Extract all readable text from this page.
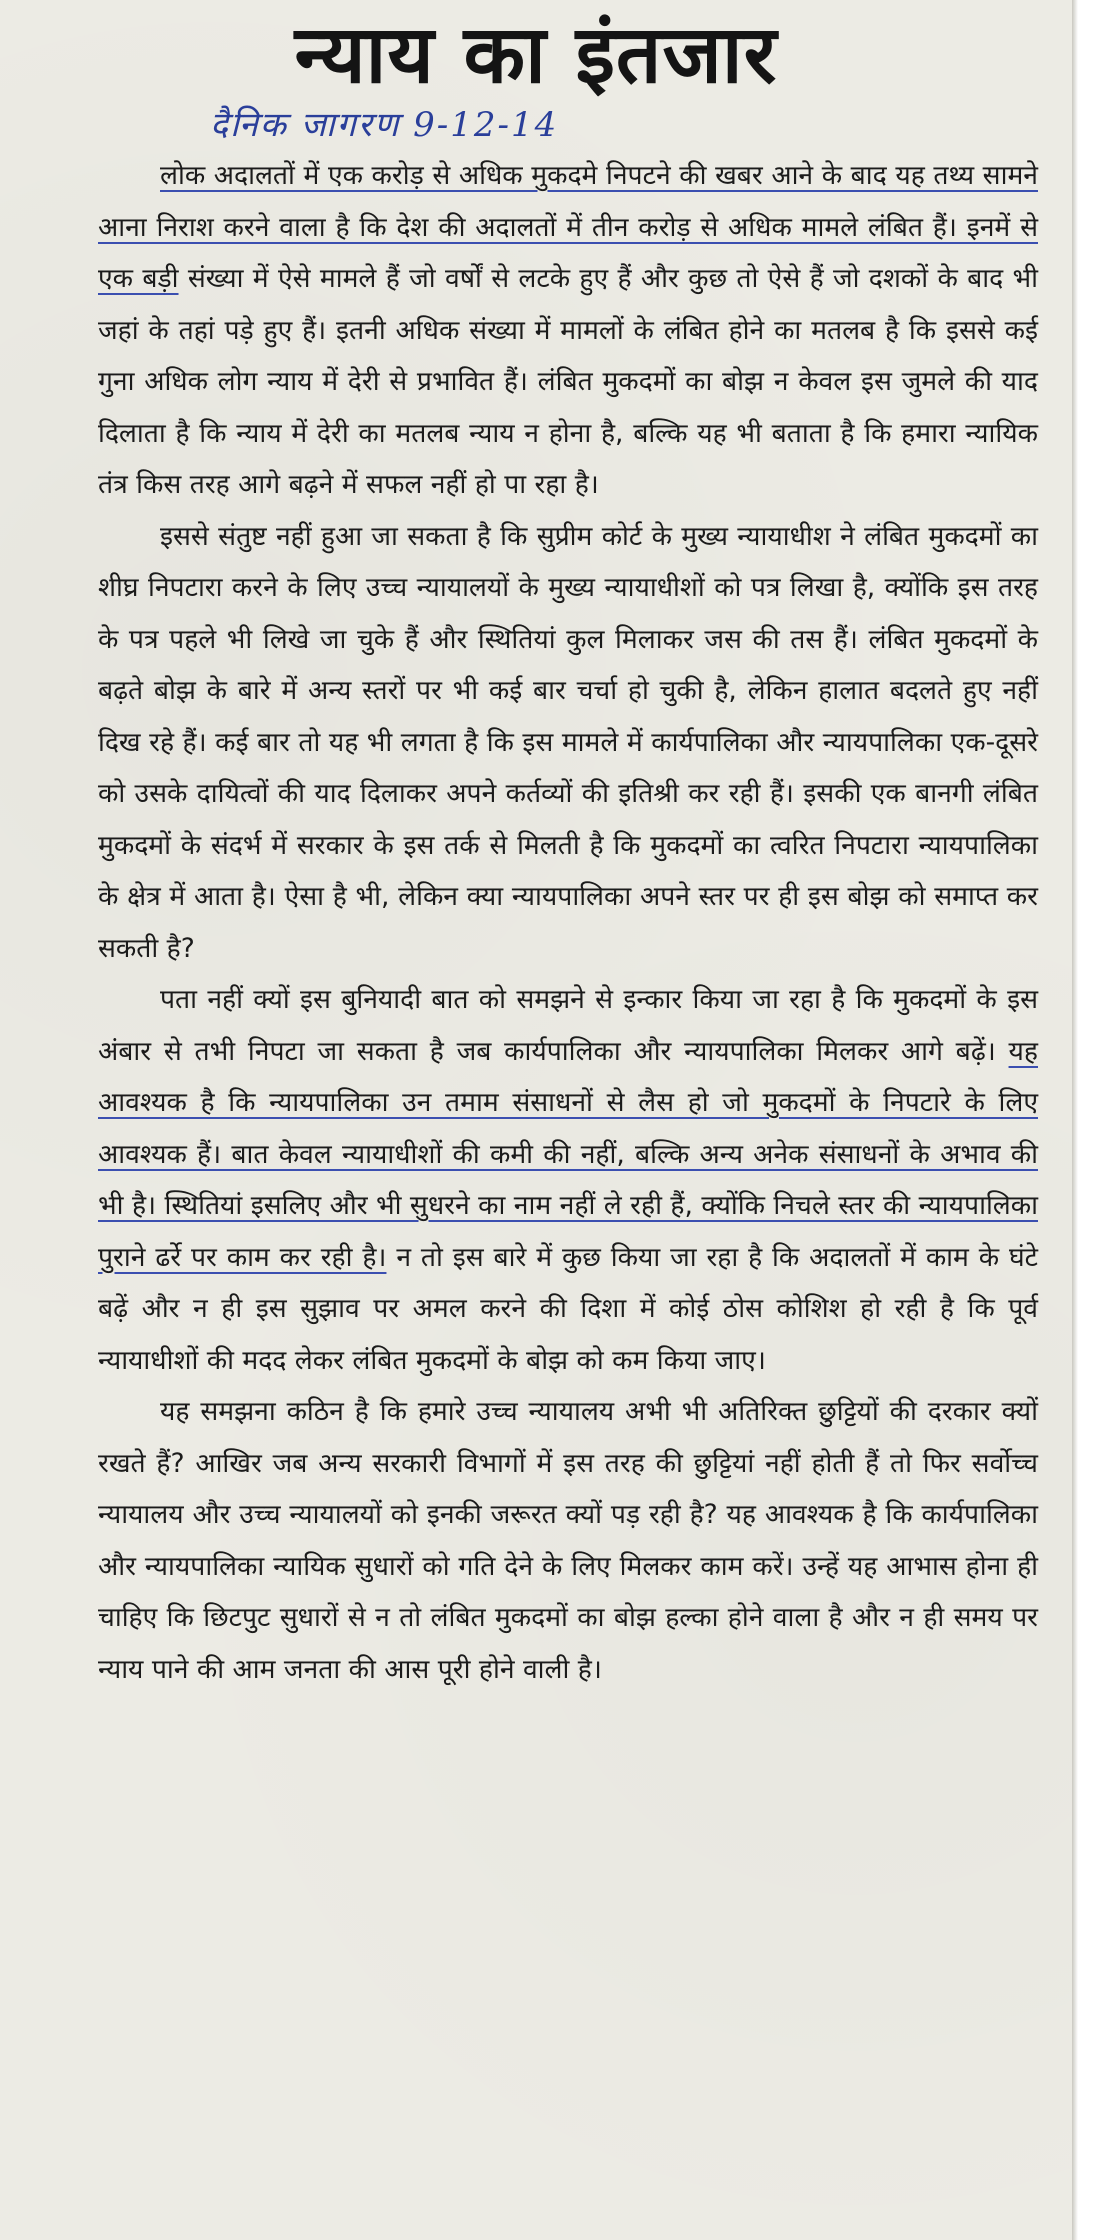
न्याय का इंतजार
दैनिक जागरण 9-12-14

लोक अदालतों में एक करोड़ से अधिक मुकदमे निपटने की खबर आने के बाद यह तथ्य सामने आना निराश करने वाला है कि देश की अदालतों में तीन करोड़ से अधिक मामले लंबित हैं। इनमें से एक बड़ी संख्या में ऐसे मामले हैं जो वर्षों से लटके हुए हैं और कुछ तो ऐसे हैं जो दशकों के बाद भी जहां के तहां पड़े हुए हैं। इतनी अधिक संख्या में मामलों के लंबित होने का मतलब है कि इससे कई गुना अधिक लोग न्याय में देरी से प्रभावित हैं। लंबित मुकदमों का बोझ न केवल इस जुमले की याद दिलाता है कि न्याय में देरी का मतलब न्याय न होना है, बल्कि यह भी बताता है कि हमारा न्यायिक तंत्र किस तरह आगे बढ़ने में सफल नहीं हो पा रहा है।

इससे संतुष्ट नहीं हुआ जा सकता है कि सुप्रीम कोर्ट के मुख्य न्यायाधीश ने लंबित मुकदमों का शीघ्र निपटारा करने के लिए उच्च न्यायालयों के मुख्य न्यायाधीशों को पत्र लिखा है, क्योंकि इस तरह के पत्र पहले भी लिखे जा चुके हैं और स्थितियां कुल मिलाकर जस की तस हैं। लंबित मुकदमों के बढ़ते बोझ के बारे में अन्य स्तरों पर भी कई बार चर्चा हो चुकी है, लेकिन हालात बदलते हुए नहीं दिख रहे हैं। कई बार तो यह भी लगता है कि इस मामले में कार्यपालिका और न्यायपालिका एक-दूसरे को उसके दायित्वों की याद दिलाकर अपने कर्तव्यों की इतिश्री कर रही हैं। इसकी एक बानगी लंबित मुकदमों के संदर्भ में सरकार के इस तर्क से मिलती है कि मुकदमों का त्वरित निपटारा न्यायपालिका के क्षेत्र में आता है। ऐसा है भी, लेकिन क्या न्यायपालिका अपने स्तर पर ही इस बोझ को समाप्त कर सकती है?

पता नहीं क्यों इस बुनियादी बात को समझने से इन्कार किया जा रहा है कि मुकदमों के इस अंबार से तभी निपटा जा सकता है जब कार्यपालिका और न्यायपालिका मिलकर आगे बढ़ें। यह आवश्यक है कि न्यायपालिका उन तमाम संसाधनों से लैस हो जो मुकदमों के निपटारे के लिए आवश्यक हैं। बात केवल न्यायाधीशों की कमी की नहीं, बल्कि अन्य अनेक संसाधनों के अभाव की भी है। स्थितियां इसलिए और भी सुधरने का नाम नहीं ले रही हैं, क्योंकि निचले स्तर की न्यायपालिका पुराने ढर्रे पर काम कर रही है। न तो इस बारे में कुछ किया जा रहा है कि अदालतों में काम के घंटे बढ़ें और न ही इस सुझाव पर अमल करने की दिशा में कोई ठोस कोशिश हो रही है कि पूर्व न्यायाधीशों की मदद लेकर लंबित मुकदमों के बोझ को कम किया जाए।

यह समझना कठिन है कि हमारे उच्च न्यायालय अभी भी अतिरिक्त छुट्टियों की दरकार क्यों रखते हैं? आखिर जब अन्य सरकारी विभागों में इस तरह की छुट्टियां नहीं होती हैं तो फिर सर्वोच्च न्यायालय और उच्च न्यायालयों को इनकी जरूरत क्यों पड़ रही है? यह आवश्यक है कि कार्यपालिका और न्यायपालिका न्यायिक सुधारों को गति देने के लिए मिलकर काम करें। उन्हें यह आभास होना ही चाहिए कि छिटपुट सुधारों से न तो लंबित मुकदमों का बोझ हल्का होने वाला है और न ही समय पर न्याय पाने की आम जनता की आस पूरी होने वाली है।
